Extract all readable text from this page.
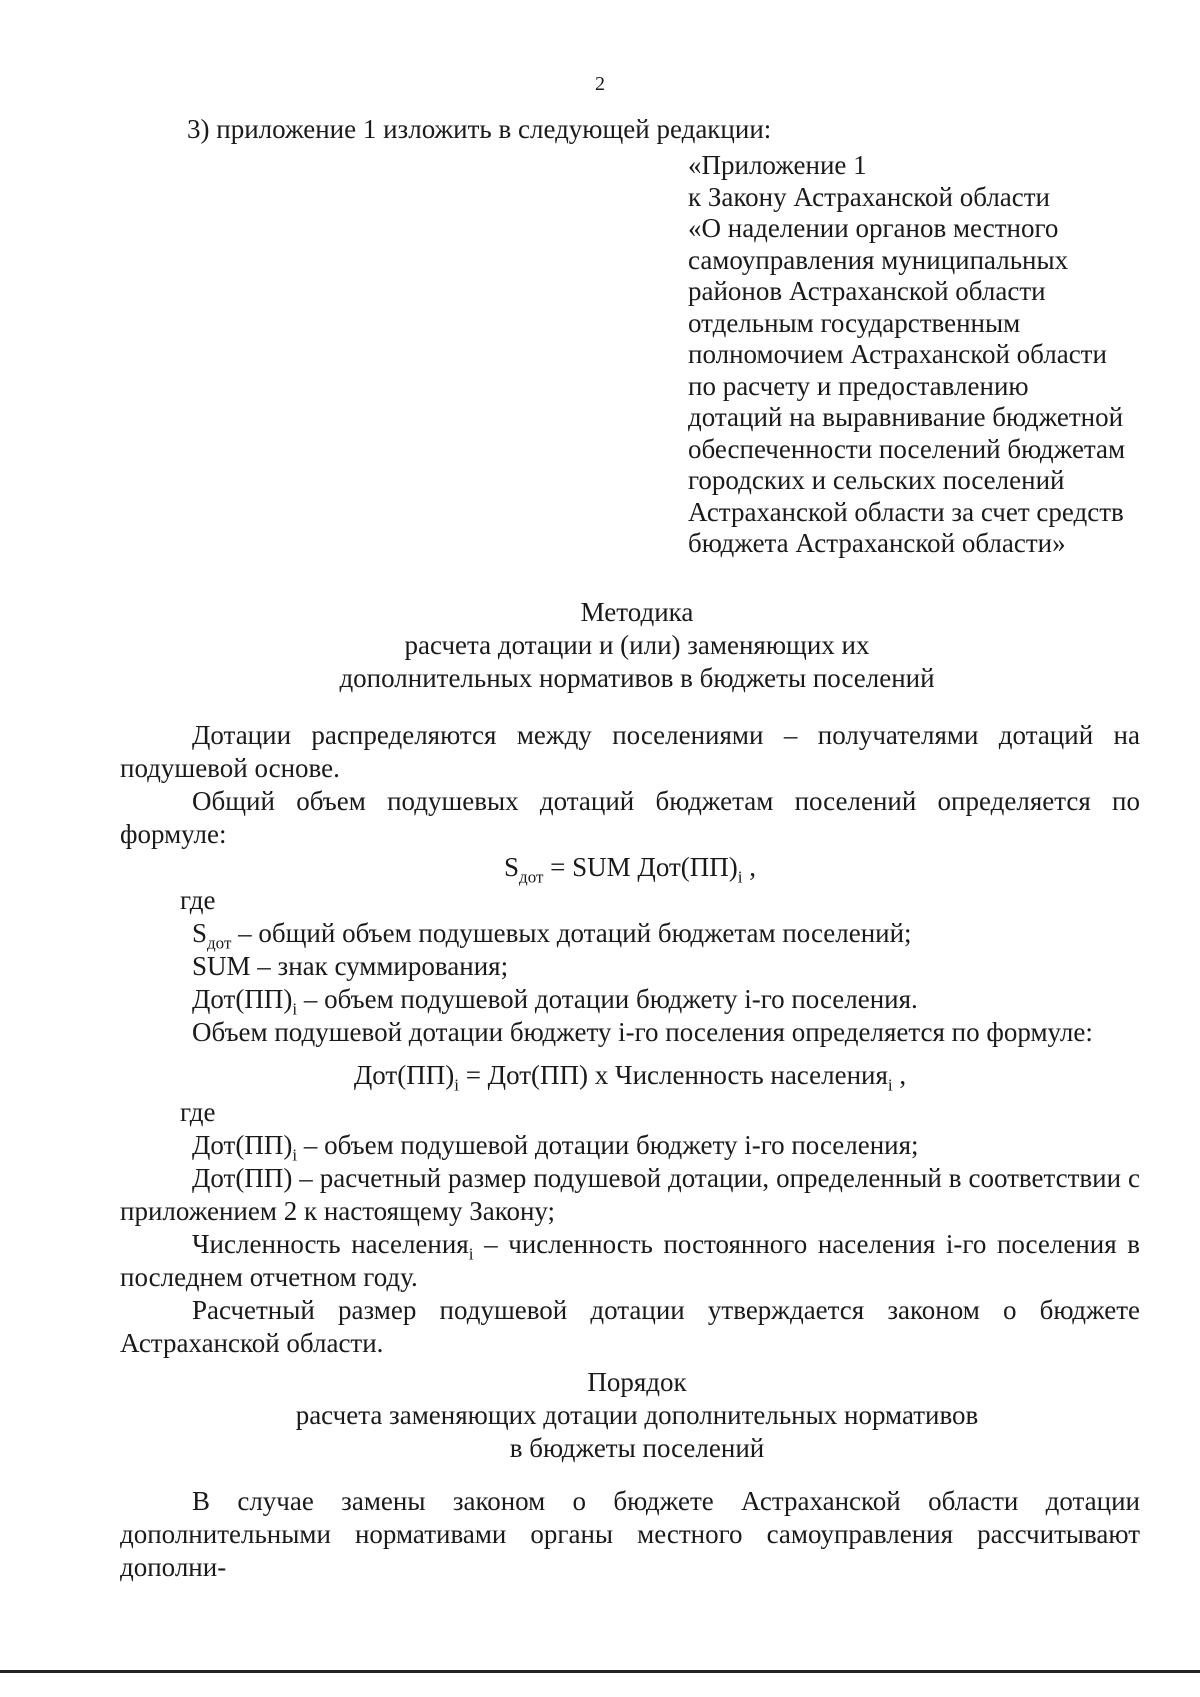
2
3) приложение 1 изложить в следующей редакции:
«Приложение 1
к Закону Астраханской области
«О наделении органов местного
самоуправления муниципальных
районов Астраханской области
отдельным государственным
полномочием Астраханской области
по расчету и предоставлению
дотаций на выравнивание бюджетной
обеспеченности поселений бюджетам
городских и сельских поселений
Астраханской области за счет средств
бюджета Астраханской области»
Методика
расчета дотации и (или) заменяющих их
дополнительных нормативов в бюджеты поселений

Дотации распределяются между поселениями – получателями дотаций на подушевой основе.

Общий объем подушевых дотаций бюджетам поселений определяется по формуле:

$S_{дот}$ = SUM $Дот(ПП)_i$ ,

где
$S_{дот}$ – общий объем подушевых дотаций бюджетам поселений;
SUM – знак суммирования;
$Дот(ПП)_i$ – объем подушевой дотации бюджету i-го поселения.

Объем подушевой дотации бюджету i-го поселения определяется по формуле:

$Дот(ПП)_i = Дот(ПП)$ х Численность населения$_i$ ,

где
$Дот(ПП)_i$ – объем подушевой дотации бюджету i-го поселения;

Дот(ПП) – расчетный размер подушевой дотации, определенный в соответствии с приложением 2 к настоящему Закону;

Численность населения$_i$ – численность постоянного населения i-го поселения в последнем отчетном году.

Расчетный размер подушевой дотации утверждается законом о бюджете Астраханской области.

Порядок
расчета заменяющих дотации дополнительных нормативов
в бюджеты поселений

В случае замены законом о бюджете Астраханской области дотации дополнительными нормативами органы местного самоуправления рассчитывают дополни-
